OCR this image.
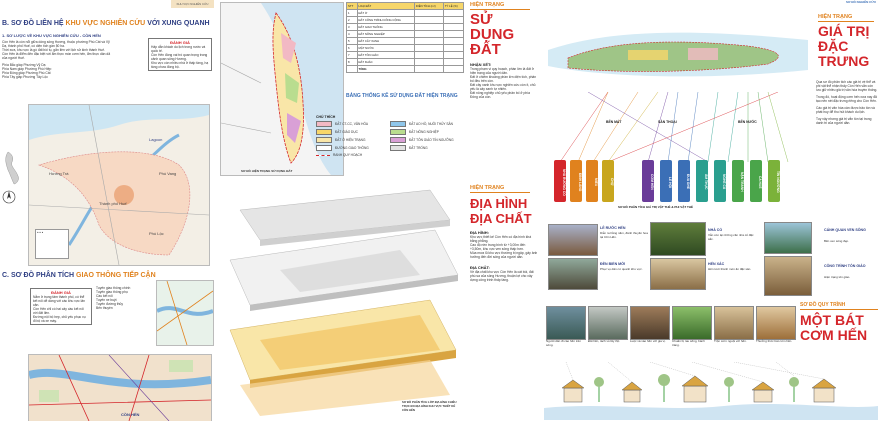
KHU VỰC NGHIÊN CỨU
B. SƠ ĐỒ LIÊN HỆ KHU VỰC NGHIÊN CỨU VỚI XUNG QUANH
1. SƠ LƯỢC VỀ KHU VỰC NGHIÊN CỨU - CỒN HẾN
Cồn Hến là cồn nổi giữa dòng sông Hương, thuộc phường Phú Cát và Vỹ Dạ, thành phố Huế, có diện tích gần 50 ha.
Thời xưa, khu vực là gò đất bồi tụ, gắn liền với lịch sử kinh thành Huế.
Cồn Hến là điểm đến đặc biệt với ẩm thực món cơm hến, ẩm thực dân dã của người Huế.
Phía Bắc giáp Phường Vỹ Dạ
Phía Nam giáp Phường Phú Hiệp
Phía Đông giáp Phường Phú Cát
Phía Tây giáp Phường Tây Lộc
ĐÁNH GIÁ
Hấp dẫn khách du lịch trong nước và quốc tế.
Cồn Hến đóng vai trò quan trọng trong cảnh quan sông Hương.
Khu vực còn nhiều nhà ở thấp tầng, hạ tầng chưa đồng bộ.
Lagoon
Hương Trà	Phú Vang
Thành phố Huế
Phú Lộc
● ● ●
C. SƠ ĐỒ PHÂN TÍCH GIAO THÔNG TIẾP CẬN
ĐÁNH GIÁ
Nằm ở trung tâm thành phố, có thể kết nối dễ dàng với các khu vực lân cận.
Cồn Hến chỉ có hai cây cầu kết nối với đất liền.
Đường nội bộ hẹp, chủ yếu phục vụ đi bộ và xe máy.
Tuyến giao thông chính
Tuyến giao thông phụ
Cầu kết nối
Tuyến xe buýt
Tuyến đường thủy
Bến thuyền
CỒN HẾN
SƠ ĐỒ HIỆN TRẠNG SỬ DỤNG ĐẤT
STT	LOẠI ĐẤT	DIỆN TÍCH (m²)	TỶ LỆ (%)
1	ĐẤT Ở		
2	ĐẤT CÔNG TRÌNH CÔNG CỘNG		
3	ĐẤT GIAO THÔNG		
4	ĐẤT NÔNG NGHIỆP		
5	ĐẤT CÂY XANH		
6	MẶT NƯỚC		
7	ĐẤT TÔN GIÁO		
8	ĐẤT KHÁC		
	TỔNG		
BẢNG THỐNG KÊ SỬ DỤNG ĐẤT HIỆN TRẠNG
CHÚ THÍCH
ĐẤT CT-CC, VĂN HÓA
ĐẤT GIÁO DỤC
ĐẤT Ở HIỆN TRẠNG
ĐƯỜNG GIAO THÔNG
RANH QUY HOẠCH
ĐẤT AO HỒ, NUÔI THỦY SẢN
ĐẤT NÔNG NGHIỆP
ĐẤT TÔN GIÁO TÍN NGƯỠNG
ĐẤT TRỐNG
SƠ ĐỒ PHÂN TÍCH LỚP ĐỊA HÌNH CHIỀU TRỤC ĐO ĐỊA HÌNH KHU VỰC THIẾT KẾ CỒN HẾN
HIỆN TRẠNG
SỬ DỤNG ĐẤT
NHẬN XÉT:
Trong phạm vi quy hoạch, phần lớn là đất ở hiện trạng của người dân.
Đất ở chiếm khoảng phần lớn diện tích, phân bố đều trên cồn.
Đất cây xanh khu vực nghiên cứu còn ít, chủ yếu là cây xanh tự nhiên.
Đất nông nghiệp chủ yếu phân bố ở phía Đông của cồn.
HIỆN TRẠNG
ĐỊA HÌNH
ĐỊA CHẤT
ĐỊA HÌNH:
Khu vực thiết kế Cồn Hến có địa hình khá bằng phẳng.
Cao độ nền trung bình từ +3,00m đến +3,50m, khu vực ven sông thấp hơn.
Mùa mưa lũ khu vực thường bị ngập, gây ảnh hưởng đến đời sống của người dân.
ĐỊA CHẤT:
Về địa chất khu vực Cồn Hến là cát bồi, đất phù sa của sông Hương, thuận lợi cho xây dựng công trình thấp tầng.
SƠ ĐỒ NGHIÊN CỨU
BẾN MÁT	SÂN THOẠI	BẾN NƯỚC
NHÀ RƯỜNG CỔ	ĐÌNH LÀNG	MIẾU	CHỢ	CƠM HẾN	LỄ HỘI	ĐUA GHE	ÂM THỰC	NGHỀ CÁ	NẶN TRANH	CA HUẾ	TÍN NGƯỠNG
SƠ ĐỒ PHÂN TÍCH GIÁ TRỊ VẬT THỂ & PHI VẬT THỂ
HIỆN TRẠNG
GIÁ TRỊ
ĐẶC
TRƯNG
Qua sơ đồ phân tích các giá trị về thể và phi vật thể nhận thấy Cồn Hến vẫn còn lưu giữ nhiều giá trị văn hóa truyền thống.
Trong đó, hoạt động cơm hến xưa nay đã tạo nên nét đặc trưng riêng cho Cồn Hến.
Các giá trị văn hóa cần được bảo tồn và phát huy để thu hút khách du lịch.
Tuy vậy nhưng giá trị vẫn tồn tại trong danh tri của người dân.
LỄ RƯỚC HẾN
Diễn ra hằng năm, đánh thuyền hoa tại Cồn Hến.
NHÀ CỔ
Vẫn còn lại những căn nhà cổ đặc sắc.
ĐỀN BIỂN MỚI
Phục vụ dân cư quanh khu vực.
HẾN XÁC
Hến tươi thành món ăn đặc sản.
CÁNH QUAN VEN SÔNG
Bến ven sông đẹp.
CÔNG TRÌNH TÔN GIÁO
Hiện trạng tôn giáo.
SƠ ĐỒ QUY TRÌNH
MỘT BÁT
CƠM HẾN
Người dân đi cào hến trên sông.
Đãi hến, tách vỏ lấy thịt.	Luộc và xào hến với gia vị.	Chuẩn bị rau sống, bánh tráng.
Trộn cơm nguội với hến.	Thưởng thức bát cơm hến.
